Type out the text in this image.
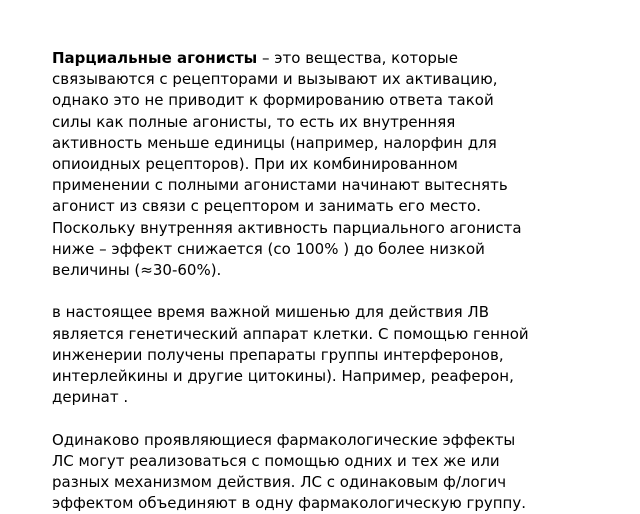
Парциальные агонисты – это вещества, которые
связываются с рецепторами и вызывают их активацию,
однако это не приводит к формированию ответа такой
силы как полные агонисты, то есть их внутренняя
активность меньше единицы (например, налорфин для
опиоидных рецепторов). При их комбинированном
применении с полными агонистами начинают вытеснять
агонист из связи с рецептором и занимать его место.
Поскольку внутренняя активность парциального агониста
ниже – эффект снижается (со 100% ) до более низкой
величины (≈30-60%).
в настоящее время важной мишенью для действия ЛВ
является генетический аппарат клетки. С помощью генной
инженерии получены препараты группы интерферонов,
интерлейкины и другие цитокины). Например, реаферон,
деринат .
Одинаково проявляющиеся фармакологические эффекты
ЛС могут реализоваться с помощью одних и тех же или
разных механизмом действия. ЛС с одинаковым ф/логич
эффектом объединяют в одну фармакологическую группу.
